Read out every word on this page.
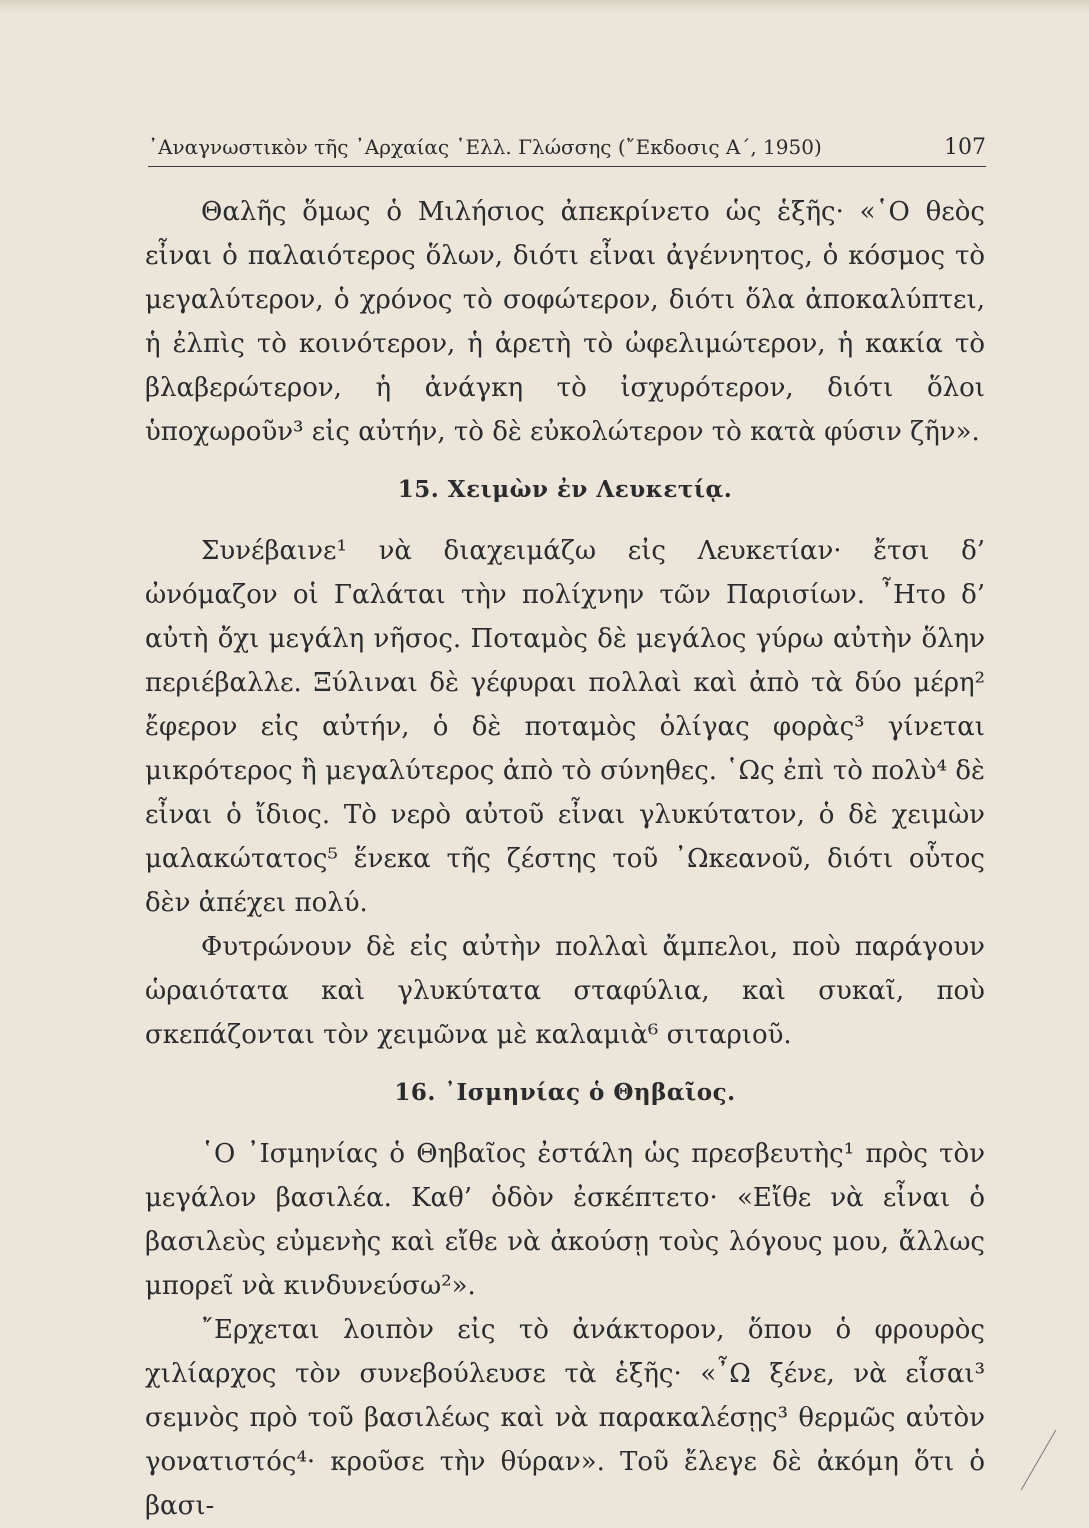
᾿Αναγνωστικὸν τῆς ᾿Αρχαίας ῾Ελλ. Γλώσσης (῎Εκδοσις Α΄, 1950)	107

Θαλῆς ὅμως ὁ Μιλήσιος ἀπεκρίνετο ὡς ἑξῆς· «῾Ο θεὸς εἶναι ὁ παλαιότερος ὅλων, διότι εἶναι ἀγέννητος, ὁ κόσμος τὸ μεγαλύτερον, ὁ χρόνος τὸ σοφώτερον, διότι ὅλα ἀποκαλύπτει, ἡ ἐλπὶς τὸ κοινότερον, ἡ ἀρετὴ τὸ ὠφελιμώτερον, ἡ κακία τὸ βλαβερώτερον, ἡ ἀνάγκη τὸ ἰσχυρότερον, διότι ὅλοι ὑποχωροῦν³ εἰς αὐτήν, τὸ δὲ εὐκολώτερον τὸ κατὰ φύσιν ζῆν».

15. Χειμὼν ἐν Λευκετίᾳ.

Συνέβαινε¹ νὰ διαχειμάζω εἰς Λευκετίαν· ἔτσι δ’ ὠνόμαζον οἱ Γαλάται τὴν πολίχνην τῶν Παρισίων. ῏Ητο δ’ αὐτὴ ὄχι μεγάλη νῆσος. Ποταμὸς δὲ μεγάλος γύρω αὐτὴν ὅλην περιέβαλλε. Ξύλιναι δὲ γέφυραι πολλαὶ καὶ ἀπὸ τὰ δύο μέρη² ἔφερον εἰς αὐτήν, ὁ δὲ ποταμὸς ὀλίγας φορὰς³ γίνεται μικρότερος ἢ μεγαλύτερος ἀπὸ τὸ σύνηθες. ῾Ως ἐπὶ τὸ πολὺ⁴ δὲ εἶναι ὁ ἴδιος. Τὸ νερὸ αὐτοῦ εἶναι γλυκύτατον, ὁ δὲ χειμὼν μαλακώτατος⁵ ἕνεκα τῆς ζέστης τοῦ ᾿Ωκεανοῦ, διότι οὗτος δὲν ἀπέχει πολύ.

Φυτρώνουν δὲ εἰς αὐτὴν πολλαὶ ἄμπελοι, ποὺ παράγουν ὡραιότατα καὶ γλυκύτατα σταφύλια, καὶ συκαῖ, ποὺ σκεπάζονται τὸν χειμῶνα μὲ καλαμιὰ⁶ σιταριοῦ.

16. ᾿Ισμηνίας ὁ Θηβαῖος.

῾Ο ᾿Ισμηνίας ὁ Θηβαῖος ἐστάλη ὡς πρεσβευτὴς¹ πρὸς τὸν μεγάλον βασιλέα. Καθ’ ὁδὸν ἐσκέπτετο· «Εἴθε νὰ εἶναι ὁ βασιλεὺς εὐμενὴς καὶ εἴθε νὰ ἀκούσῃ τοὺς λόγους μου, ἄλλως μπορεῖ νὰ κινδυνεύσω²».

῎Ερχεται λοιπὸν εἰς τὸ ἀνάκτορον, ὅπου ὁ φρουρὸς χιλίαρχος τὸν συνεβούλευσε τὰ ἑξῆς· «῏Ω ξένε, νὰ εἶσαι³ σεμνὸς πρὸ τοῦ βασιλέως καὶ νὰ παρακαλέσῃς³ θερμῶς αὐτὸν γονατιστός⁴· κροῦσε τὴν θύραν». Τοῦ ἔλεγε δὲ ἀκόμη ὅτι ὁ βασι-
